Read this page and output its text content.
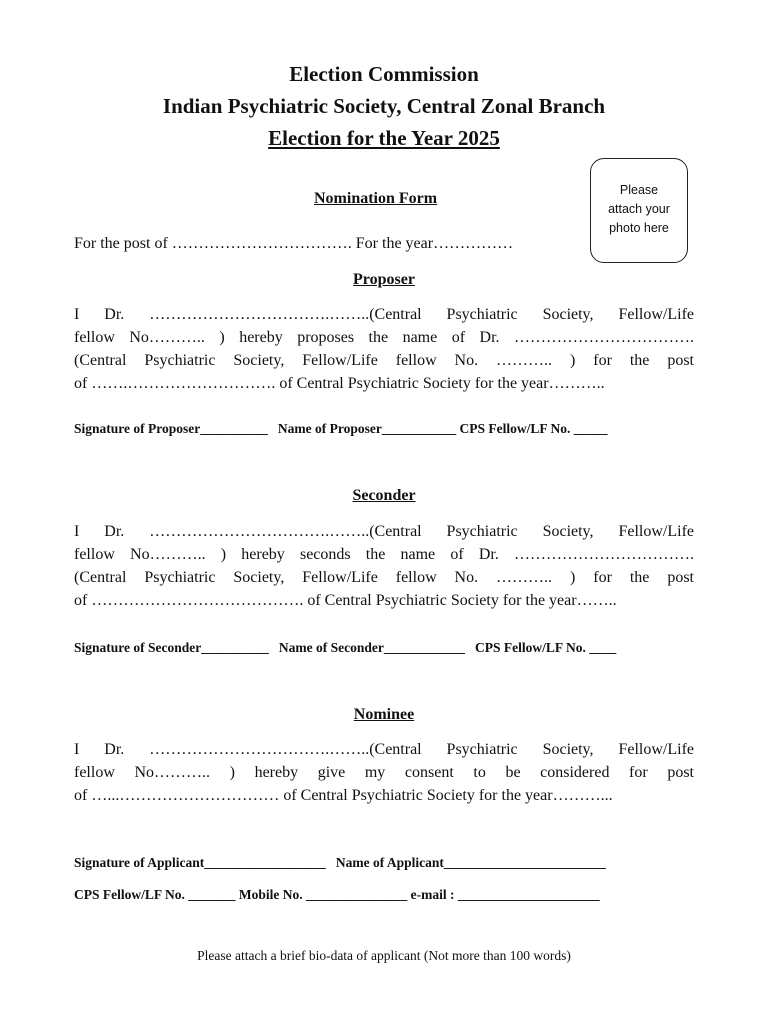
Election Commission
Indian Psychiatric Society, Central Zonal Branch
Election for the Year 2025
Please
attach your
photo here
Nomination Form
For the post of ……………………………. For the year……………
Proposer

I Dr. …………………………….……..(Central Psychiatric Society, Fellow/Life

fellow No……….. ) hereby proposes the name of Dr. …………………………….

(Central Psychiatric Society, Fellow/Life fellow No. ……….. ) for the post

of …….………………………. of Central Psychiatric Society for the year………..

Signature of Proposer__________   Name of Proposer___________ CPS Fellow/LF No. _____
Seconder

I Dr. …………………………….……..(Central Psychiatric Society, Fellow/Life

fellow No……….. ) hereby seconds the name of Dr. …………………………….

(Central Psychiatric Society, Fellow/Life fellow No. ……….. ) for the post

of …………………………………. of Central Psychiatric Society for the year……..

Signature of Seconder__________   Name of Seconder____________   CPS Fellow/LF No. ____
Nominee

I Dr. …………………………….……..(Central Psychiatric Society, Fellow/Life

fellow No……….. ) hereby give my consent to be considered for post

of …...………………………… of Central Psychiatric Society for the year………...

Signature of Applicant__________________   Name of Applicant________________________
CPS Fellow/LF No. _______ Mobile No. _______________ e-mail : _____________________
Please attach a brief bio-data of applicant (Not more than 100 words)
